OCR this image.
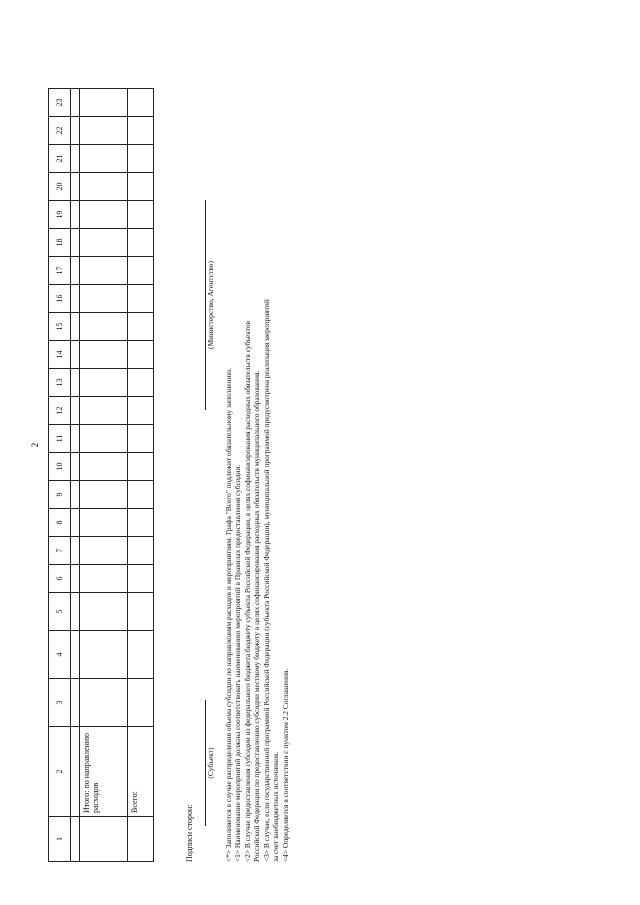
2
1	2	3	4	5	6	7	8	9	10	11	12	13	14	15	16	17	18	19	20	21	22	23

	Итого: по направлению расходов																					
	Всего:																					
Подписи сторон:
(Субъект)
(Министерство, Агентство)
<*> Заполняется в случае распределения объема субсидии по направлениям расходов и мероприятиям. Графа "Всего" подлежит обязательному заполнению. <1> Наименование мероприятий должны соответствовать наименованию мероприятий в Правилах предоставления субсидии. <2> В случае предоставления субсидии из федерального бюджета бюджету субъекта Российской Федерации, в целях софинансирования расходных обязательств субъектов Российской Федерации по предоставлению субсидии местному бюджету в целях софинансирования расходных обязательств муниципального образования. <3> В случае, если государственной программой Российской Федерации (субъекта Российской Федерации), муниципальной программой предусмотрена реализация мероприятий за счет внебюджетных источников. <4> Определяется в соответствии с пунктом 2.2 Соглашения.
